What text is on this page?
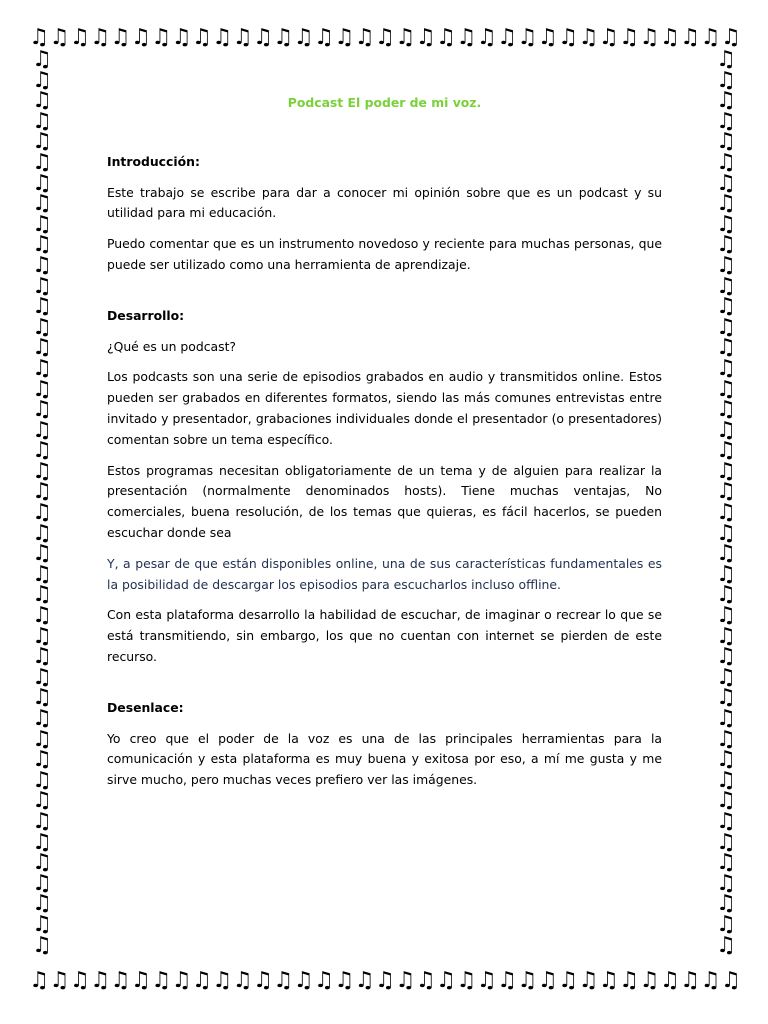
♫ ♫ ♫ ♫ ♫ ♫ ♫ ♫ ♫ ♫ ♫ ♫ ♫ ♫ ♫ ♫ ♫ ♫ ♫ ♫ ♫ ♫ ♫ ♫ ♫ ♫ ♫ ♫ ♫ ♫ ♫ ♫ ♫ ♫ ♫
♫ ♫ ♫ ♫ ♫ ♫ ♫ ♫ ♫ ♫ ♫ ♫ ♫ ♫ ♫ ♫ ♫ ♫ ♫ ♫ ♫ ♫ ♫ ♫ ♫ ♫ ♫ ♫ ♫ ♫ ♫ ♫ ♫ ♫ ♫
♫
♫
♫
♫
♫
♫
♫
♫
♫
♫
♫
♫
♫
♫
♫
♫
♫
♫
♫
♫
♫
♫
♫
♫
♫
♫
♫
♫
♫
♫
♫
♫
♫
♫
♫
♫
♫
♫
♫
♫
♫
♫
♫
♫
♫
♫
♫
♫
♫
♫
♫
♫
♫
♫
♫
♫
♫
♫
♫
♫
♫
♫
♫
♫
♫
♫
♫
♫
♫
♫
♫
♫
♫
♫
♫
♫
♫
♫
♫
♫
♫
♫
♫
♫
♫
♫
♫
♫
Podcast El poder de mi voz.
Introducción:

Este trabajo se escribe para dar a conocer mi opinión sobre que es un podcast y su utilidad para mi educación.

Puedo comentar que es un instrumento novedoso y reciente para muchas personas, que puede ser utilizado como una herramienta de aprendizaje.

Desarrollo:

¿Qué es un podcast?

Los podcasts son una serie de episodios grabados en audio y transmitidos online. Estos pueden ser grabados en diferentes formatos, siendo las más comunes entrevistas entre invitado y presentador, grabaciones individuales donde el presentador (o presentadores) comentan sobre un tema específico.

Estos programas necesitan obligatoriamente de un tema y de alguien para realizar la presentación (normalmente denominados hosts). Tiene muchas ventajas, No comerciales, buena resolución, de los temas que quieras, es fácil hacerlos, se pueden escuchar donde sea

Y, a pesar de que están disponibles online, una de sus características fundamentales es la posibilidad de descargar los episodios para escucharlos incluso offline.

Con esta plataforma desarrollo la habilidad de escuchar, de imaginar o recrear lo que se está transmitiendo, sin embargo, los que no cuentan con internet se pierden de este recurso.

Desenlace:

Yo creo que el poder de la voz es una de las principales herramientas para la comunicación y esta plataforma es muy buena y exitosa por eso, a mí me gusta y me sirve mucho, pero muchas veces prefiero ver las imágenes.
